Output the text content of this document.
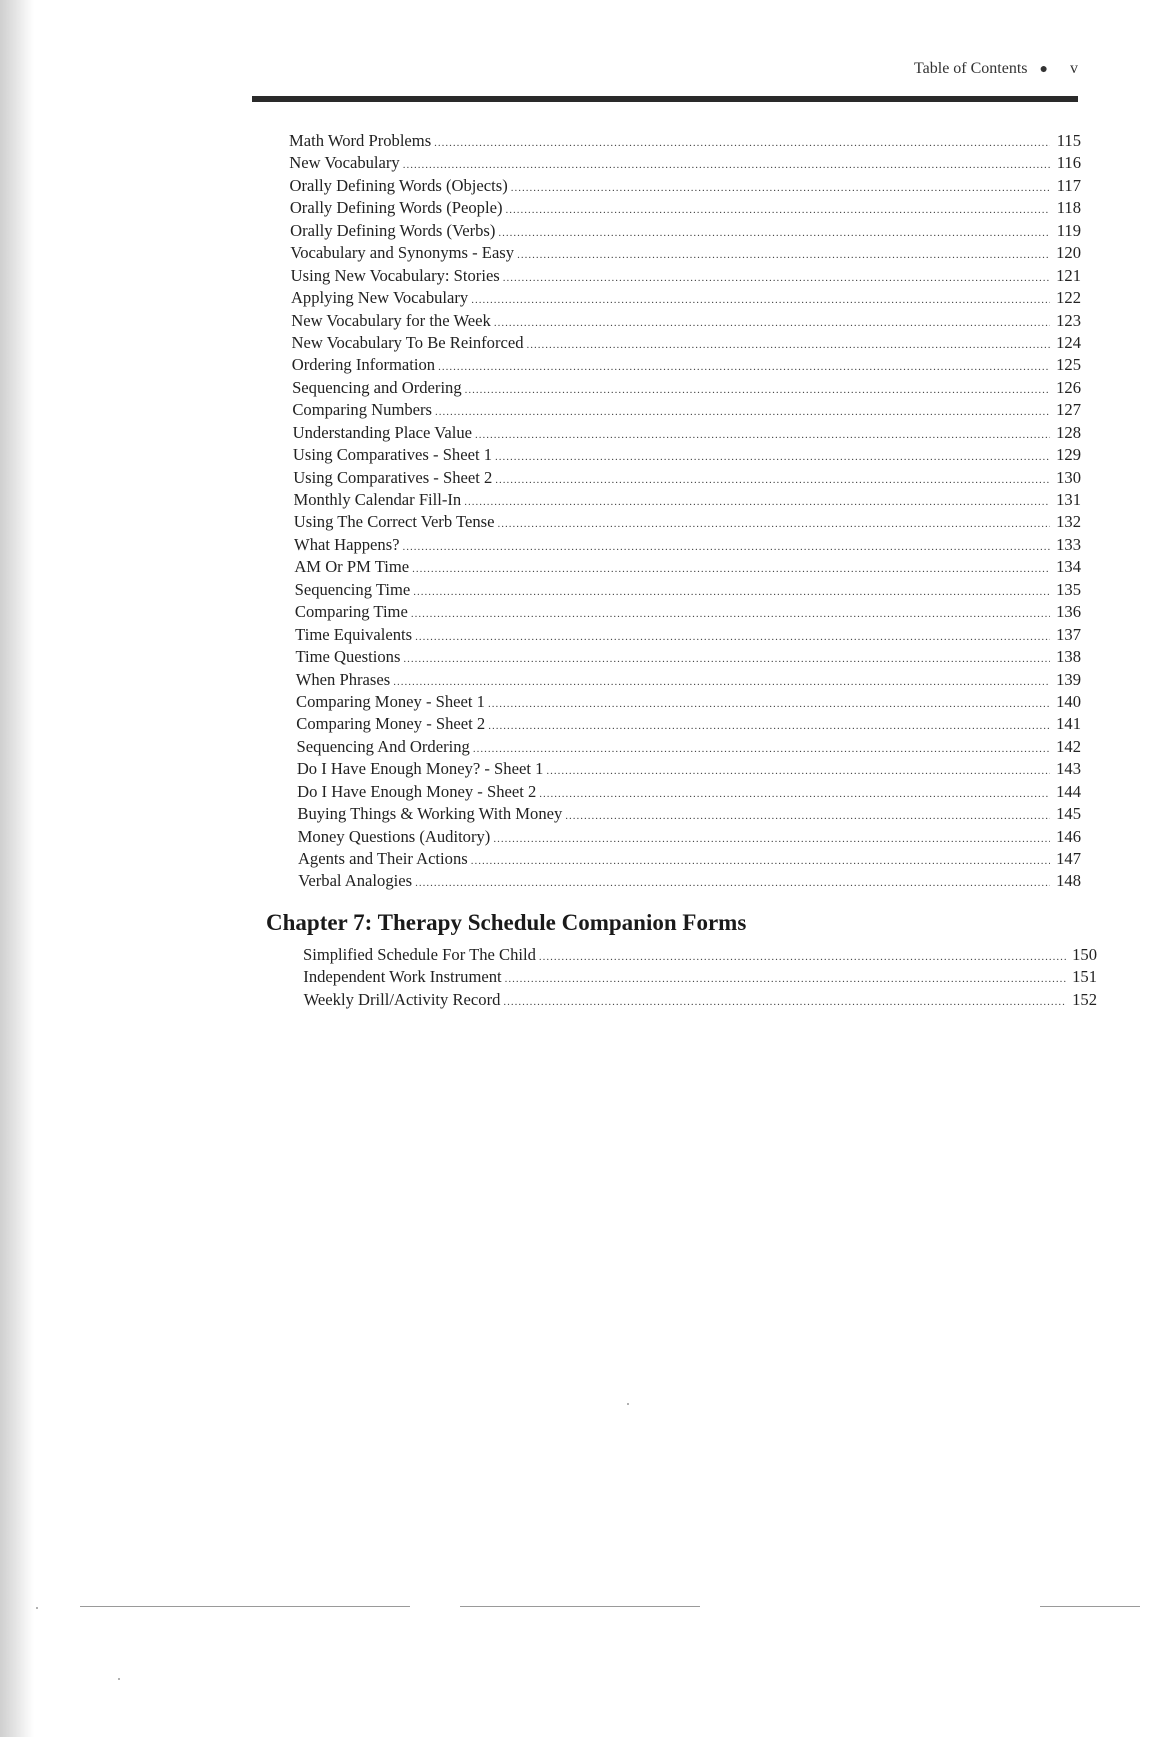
Table of Contents ● v
Math Word Problems .....	115
New Vocabulary .....	116
Orally Defining Words (Objects) .....	117
Orally Defining Words (People) .....	118
Orally Defining Words (Verbs) .....	119
Vocabulary and Synonyms - Easy .....	120
Using New Vocabulary: Stories .....	121
Applying New Vocabulary .....	122
New Vocabulary for the Week .....	123
New Vocabulary To Be Reinforced .....	124
Ordering Information .....	125
Sequencing and Ordering .....	126
Comparing Numbers .....	127
Understanding Place Value .....	128
Using Comparatives - Sheet 1 .....	129
Using Comparatives - Sheet 2 .....	130
Monthly Calendar Fill-In .....	131
Using The Correct Verb Tense .....	132
What Happens? .....	133
AM Or PM Time .....	134
Sequencing Time .....	135
Comparing Time .....	136
Time Equivalents .....	137
Time Questions .....	138
When Phrases .....	139
Comparing Money - Sheet 1 .....	140
Comparing Money - Sheet 2 .....	141
Sequencing And Ordering .....	142
Do I Have Enough Money? - Sheet 1 .....	143
Do I Have Enough Money - Sheet 2 .....	144
Buying Things & Working With Money .....	145
Money Questions (Auditory) .....	146
Agents and Their Actions .....	147
Verbal Analogies .....	148
Chapter 7: Therapy Schedule Companion Forms
Simplified Schedule For The Child .....	150
Independent Work Instrument .....	151
Weekly Drill/Activity Record .....	152
